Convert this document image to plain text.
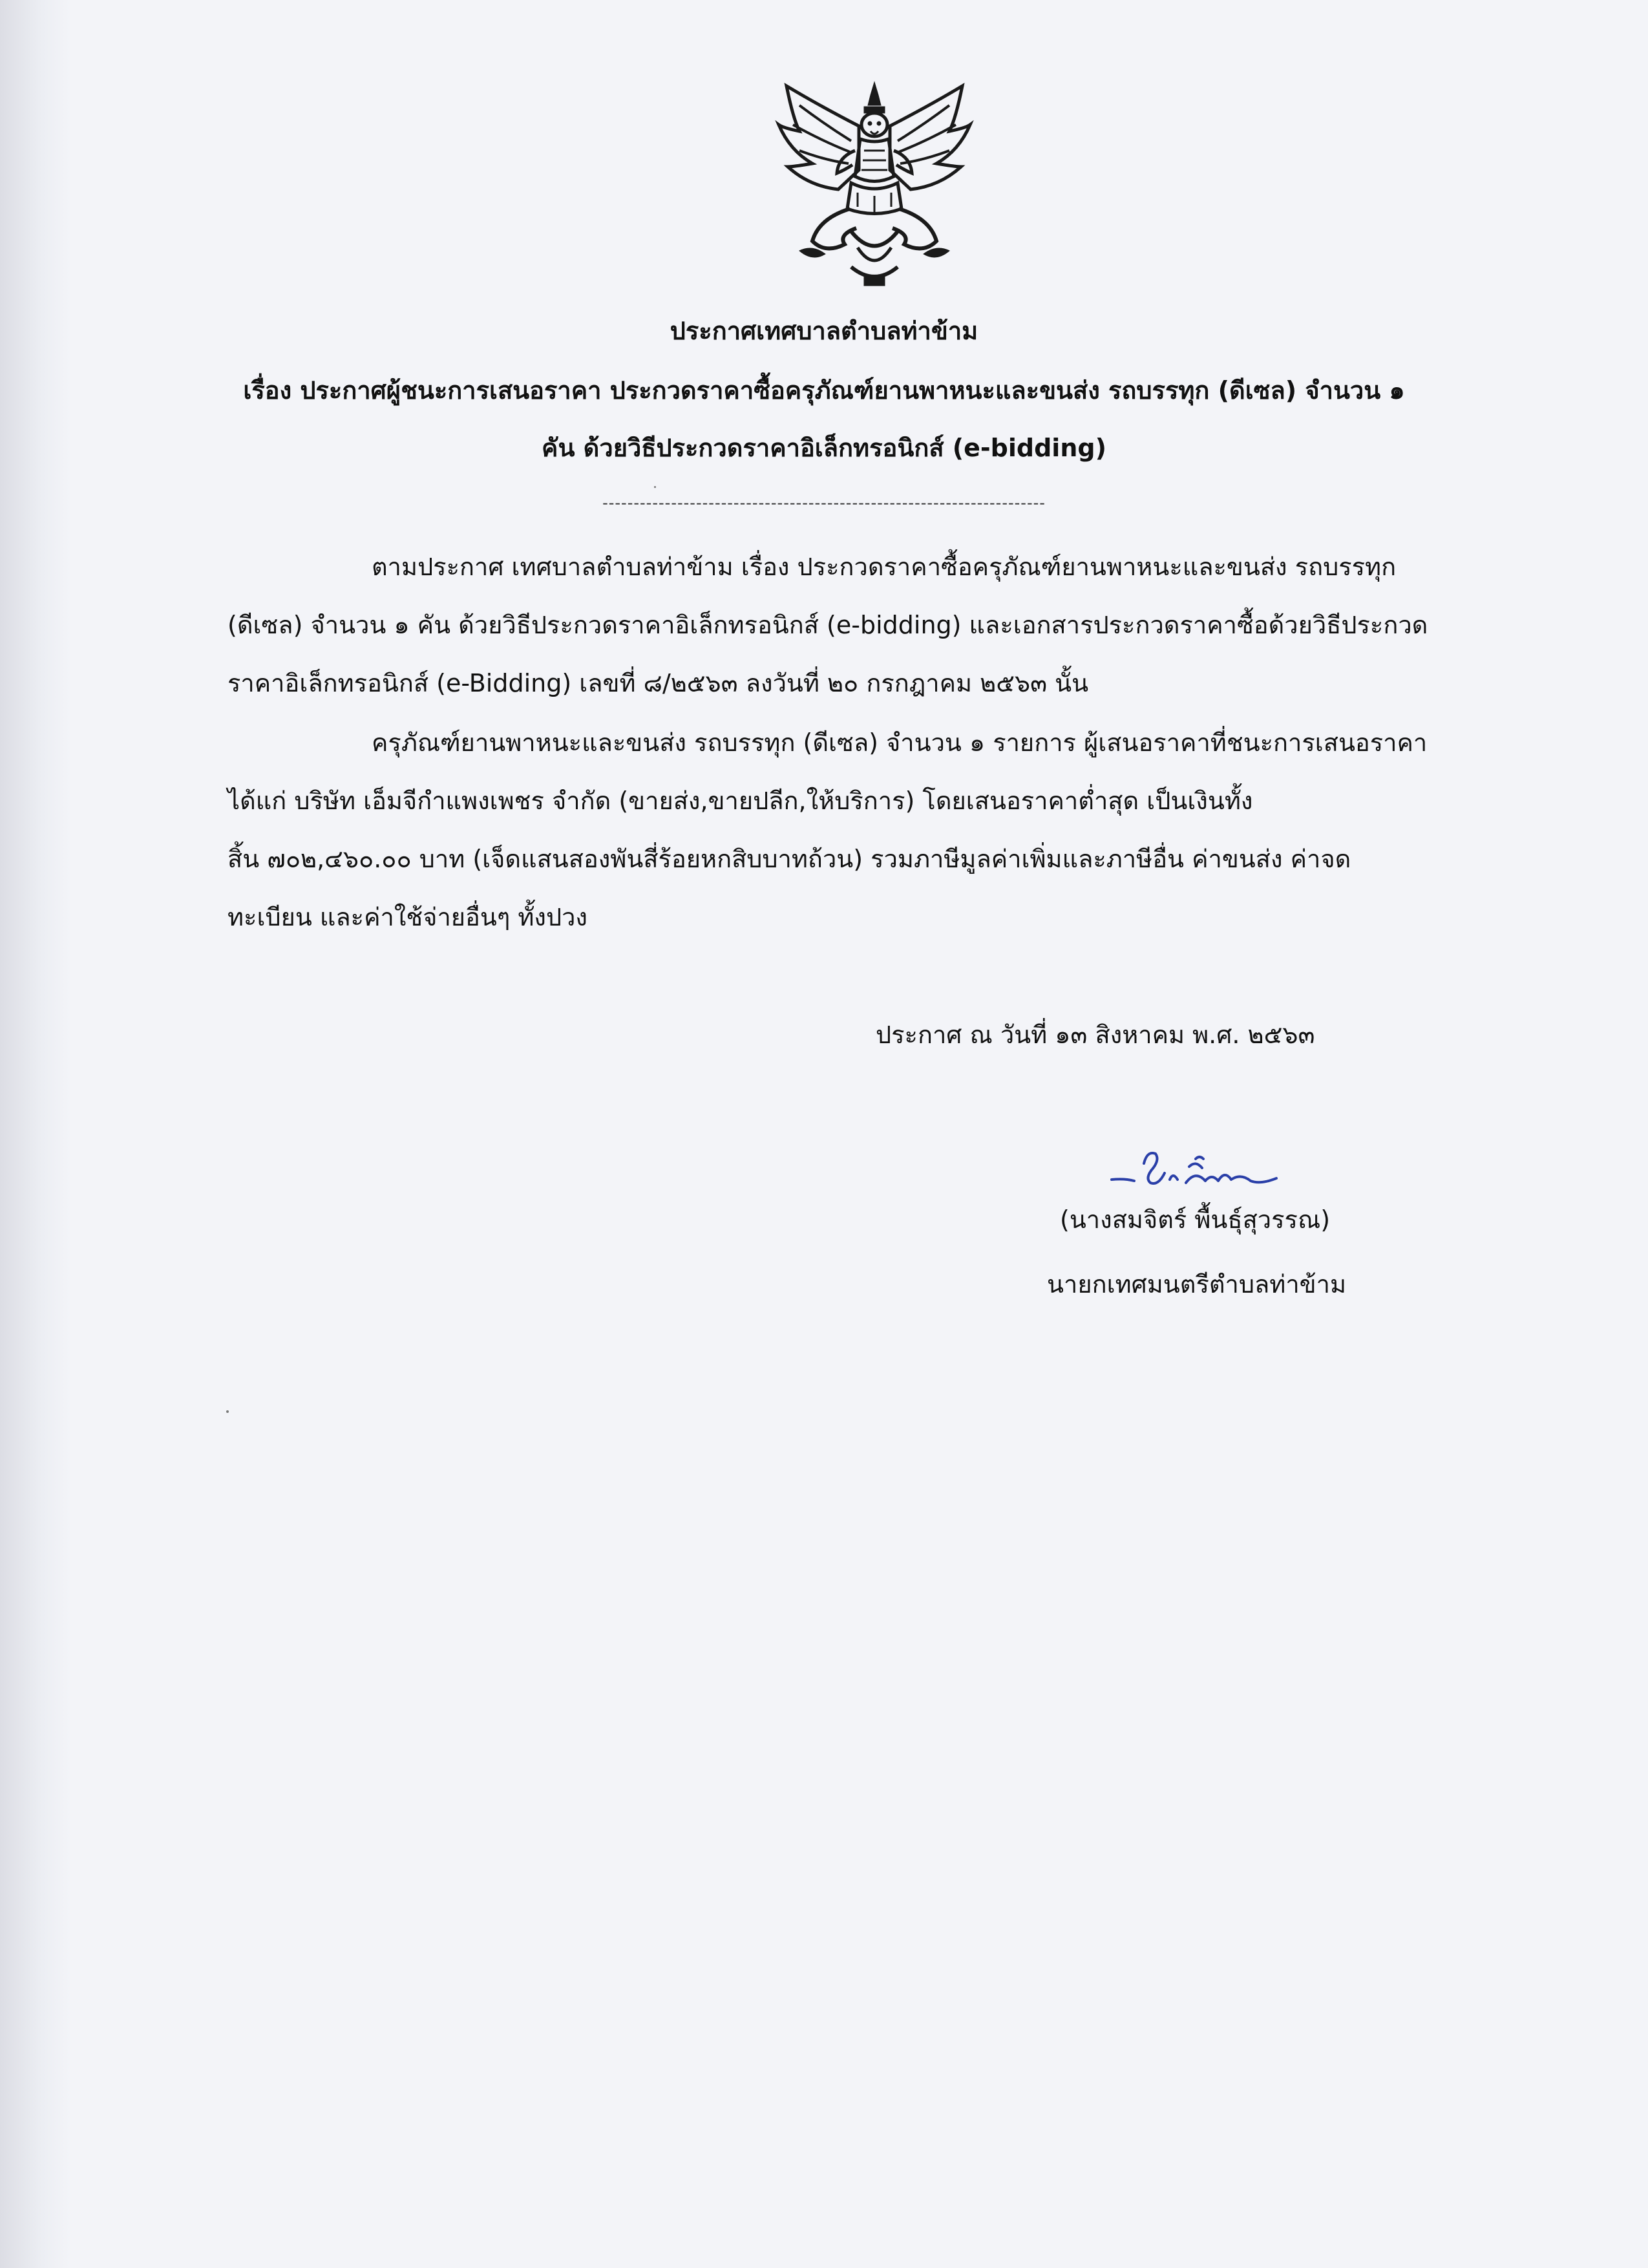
ประกาศเทศบาลตำบลท่าข้าม
เรื่อง ประกาศผู้ชนะการเสนอราคา ประกวดราคาซื้อครุภัณฑ์ยานพาหนะและขนส่ง รถบรรทุก (ดีเซล) จำนวน ๑
คัน ด้วยวิธีประกวดราคาอิเล็กทรอนิกส์ (e-bidding)
-----------------------------------------------------------------------
ตามประกาศ เทศบาลตำบลท่าข้าม เรื่อง ประกวดราคาซื้อครุภัณฑ์ยานพาหนะและขนส่ง รถบรรทุก
(ดีเซล) จำนวน ๑ คัน ด้วยวิธีประกวดราคาอิเล็กทรอนิกส์ (e-bidding) และเอกสารประกวดราคาซื้อด้วยวิธีประกวด
ราคาอิเล็กทรอนิกส์ (e-Bidding) เลขที่ ๘/๒๕๖๓ ลงวันที่ ๒๐ กรกฎาคม ๒๕๖๓ นั้น
ครุภัณฑ์ยานพาหนะและขนส่ง รถบรรทุก (ดีเซล) จำนวน ๑ รายการ ผู้เสนอราคาที่ชนะการเสนอราคา
ได้แก่ บริษัท เอ็มจีกำแพงเพชร จำกัด (ขายส่ง,ขายปลีก,ให้บริการ) โดยเสนอราคาต่ำสุด เป็นเงินทั้ง
สิ้น ๗๐๒,๔๖๐.๐๐ บาท (เจ็ดแสนสองพันสี่ร้อยหกสิบบาทถ้วน) รวมภาษีมูลค่าเพิ่มและภาษีอื่น ค่าขนส่ง ค่าจด
ทะเบียน และค่าใช้จ่ายอื่นๆ ทั้งปวง
ประกาศ ณ วันที่ ๑๓ สิงหาคม พ.ศ. ๒๕๖๓
(นางสมจิตร์ พื้นธุ์สุวรรณ)
นายกเทศมนตรีตำบลท่าข้าม
